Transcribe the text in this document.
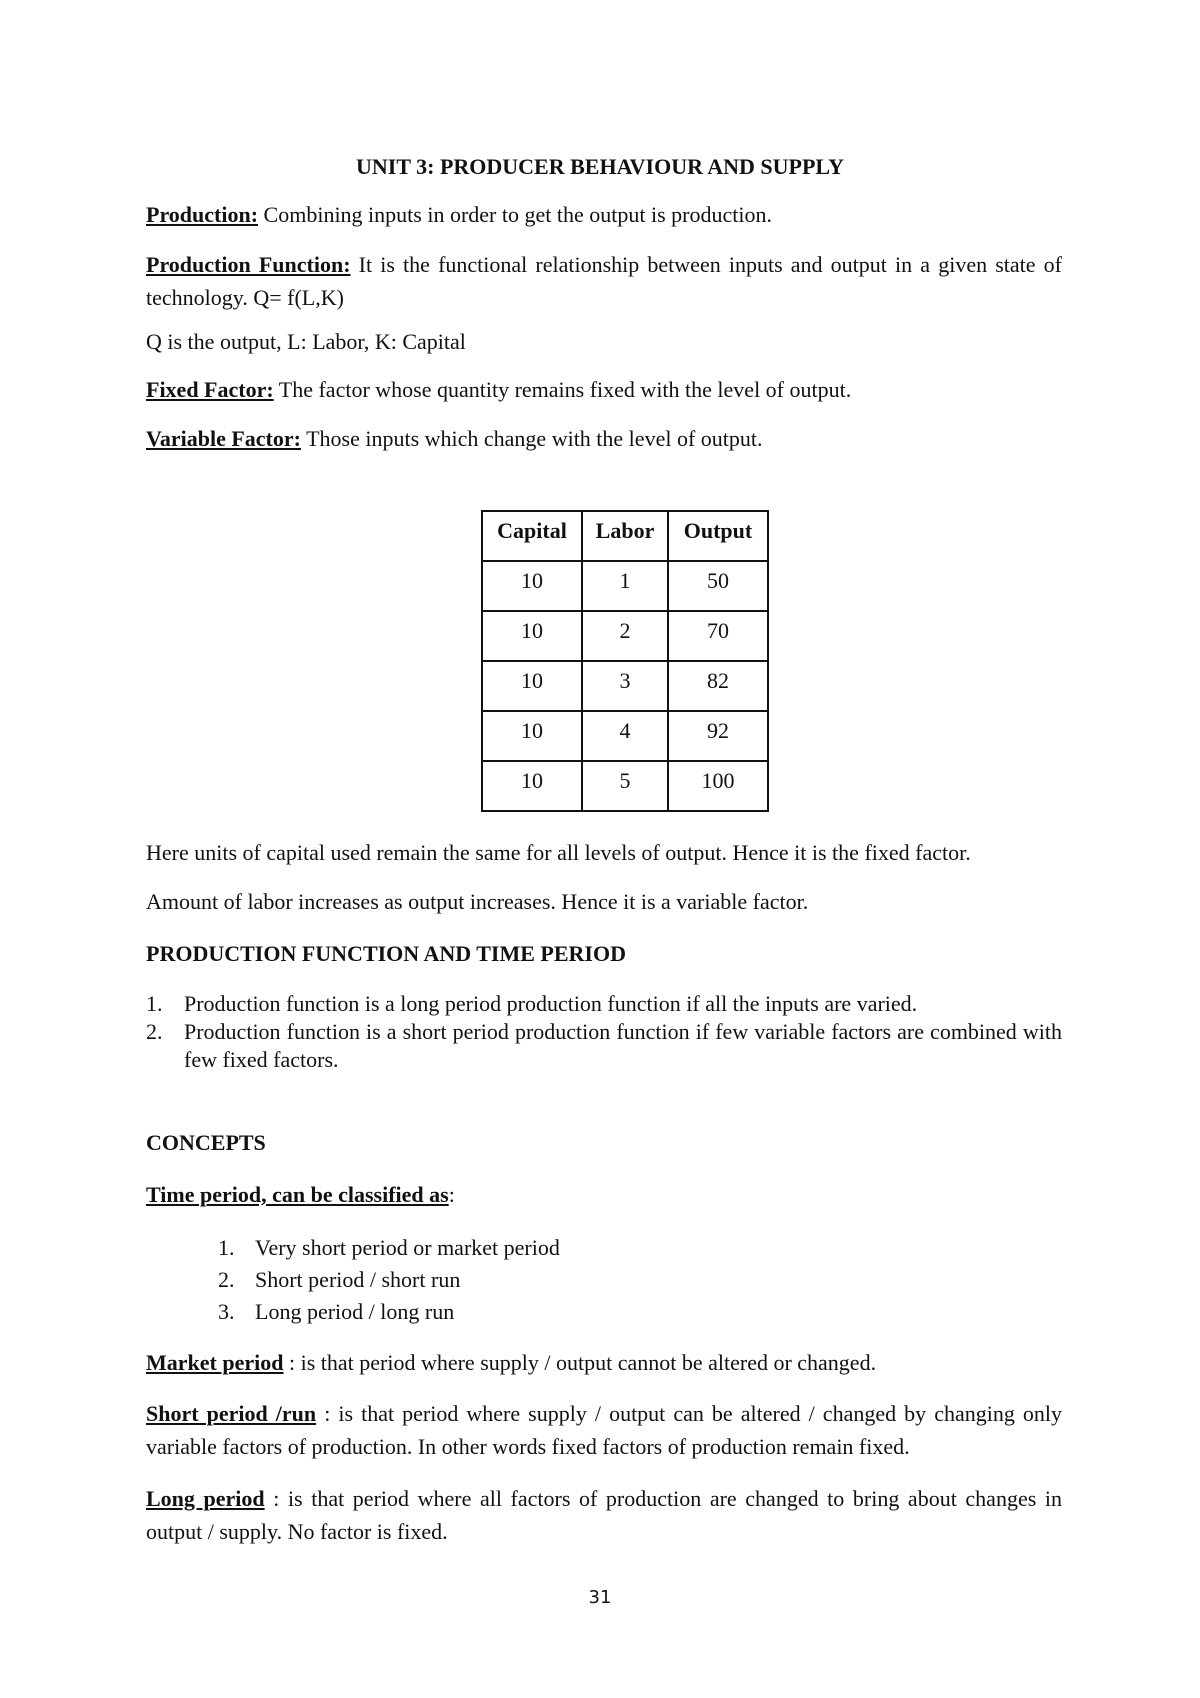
UNIT 3: PRODUCER BEHAVIOUR AND SUPPLY
Production: Combining inputs in order to get the output is production.
Production Function: It is the functional relationship between inputs and output in a given state of technology. Q= f(L,K)
Q is the output, L: Labor, K: Capital
Fixed Factor: The factor whose quantity remains fixed with the level of output.
Variable Factor: Those inputs which change with the level of output.
Capital	Labor	Output
10	1	50
10	2	70
10	3	82
10	4	92
10	5	100
Here units of capital used remain the same for all levels of output. Hence it is the fixed factor.
Amount of labor increases as output increases. Hence it is a variable factor.
PRODUCTION FUNCTION AND TIME PERIOD
1. Production function is a long period production function if all the inputs are varied.
2. Production function is a short period production function if few variable factors are combined with few fixed factors.
CONCEPTS
Time period, can be classified as:
1. Very short period or market period
2. Short period / short run
3. Long period / long run
Market period : is that period where supply / output cannot be altered or changed.
Short period /run : is that period where supply / output can be altered / changed by changing only variable factors of production. In other words fixed factors of production remain fixed.
Long period : is that period where all factors of production are changed to bring about changes in output / supply. No factor is fixed.
31
